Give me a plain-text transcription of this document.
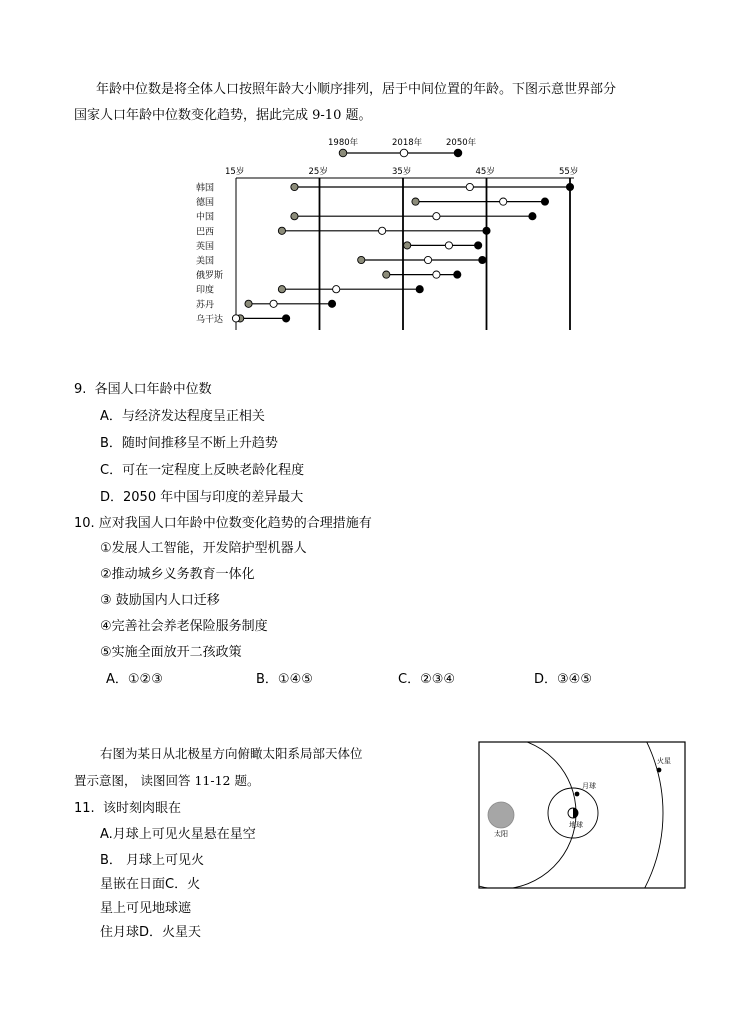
年龄中位数是将全体人口按照年龄大小顺序排列，居于中间位置的年龄。下图示意世界部分
国家人口年龄中位数变化趋势，据此完成 9-10 题。
1980年	2018年	2050年
15岁	25岁	35岁	45岁	55岁
韩国
德国
中国
巴西
英国
美国
俄罗斯
印度
苏丹
乌干达
9.  各国人口年龄中位数
A．与经济发达程度呈正相关
B．随时间推移呈不断上升趋势
C．可在一定程度上反映老龄化程度
D．2050 年中国与印度的差异最大
10. 应对我国人口年龄中位数变化趋势的合理措施有
①发展人工智能，开发陪护型机器人
②推动城乡义务教育一体化
③ 鼓励国内人口迁移
④完善社会养老保险服务制度
⑤实施全面放开二孩政策
A．①②③	B．①④⑤	C．②③④	D．③④⑤
右图为某日从北极星方向俯瞰太阳系局部天体位
置示意图， 读图回答 11-12 题。
太阳
地球
月球
火星
11.  该时刻肉眼在
A.月球上可见火星悬在星空
B． 月球上可见火
星嵌在日面C．火
星上可见地球遮
住月球D．火星天
